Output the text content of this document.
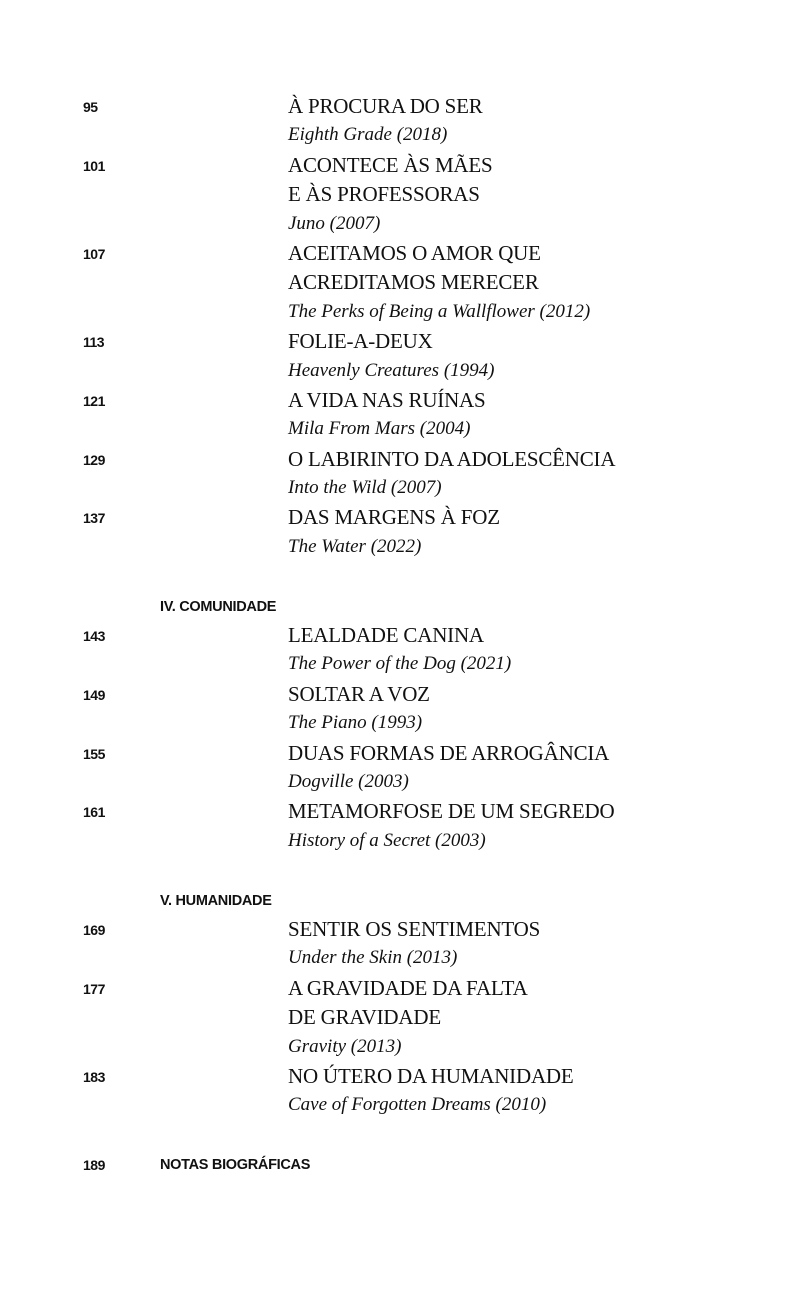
95	À PROCURA DO SER
Eighth Grade (2018)
101	ACONTECE ÀS MÃES
E ÀS PROFESSORAS
Juno (2007)
107	ACEITAMOS O AMOR QUE
ACREDITAMOS MERECER
The Perks of Being a Wallflower (2012)
113	FOLIE-A-DEUX
Heavenly Creatures (1994)
121	A VIDA NAS RUÍNAS
Mila From Mars (2004)
129	O LABIRINTO DA ADOLESCÊNCIA
Into the Wild (2007)
137	DAS MARGENS À FOZ
The Water (2022)
IV. COMUNIDADE
143	LEALDADE CANINA
The Power of the Dog (2021)
149	SOLTAR A VOZ
The Piano (1993)
155	DUAS FORMAS DE ARROGÂNCIA
Dogville (2003)
161	METAMORFOSE DE UM SEGREDO
History of a Secret (2003)
V. HUMANIDADE
169	SENTIR OS SENTIMENTOS
Under the Skin (2013)
177	A GRAVIDADE DA FALTA
DE GRAVIDADE
Gravity (2013)
183	NO ÚTERO DA HUMANIDADE
Cave of Forgotten Dreams (2010)
189	NOTAS BIOGRÁFICAS
